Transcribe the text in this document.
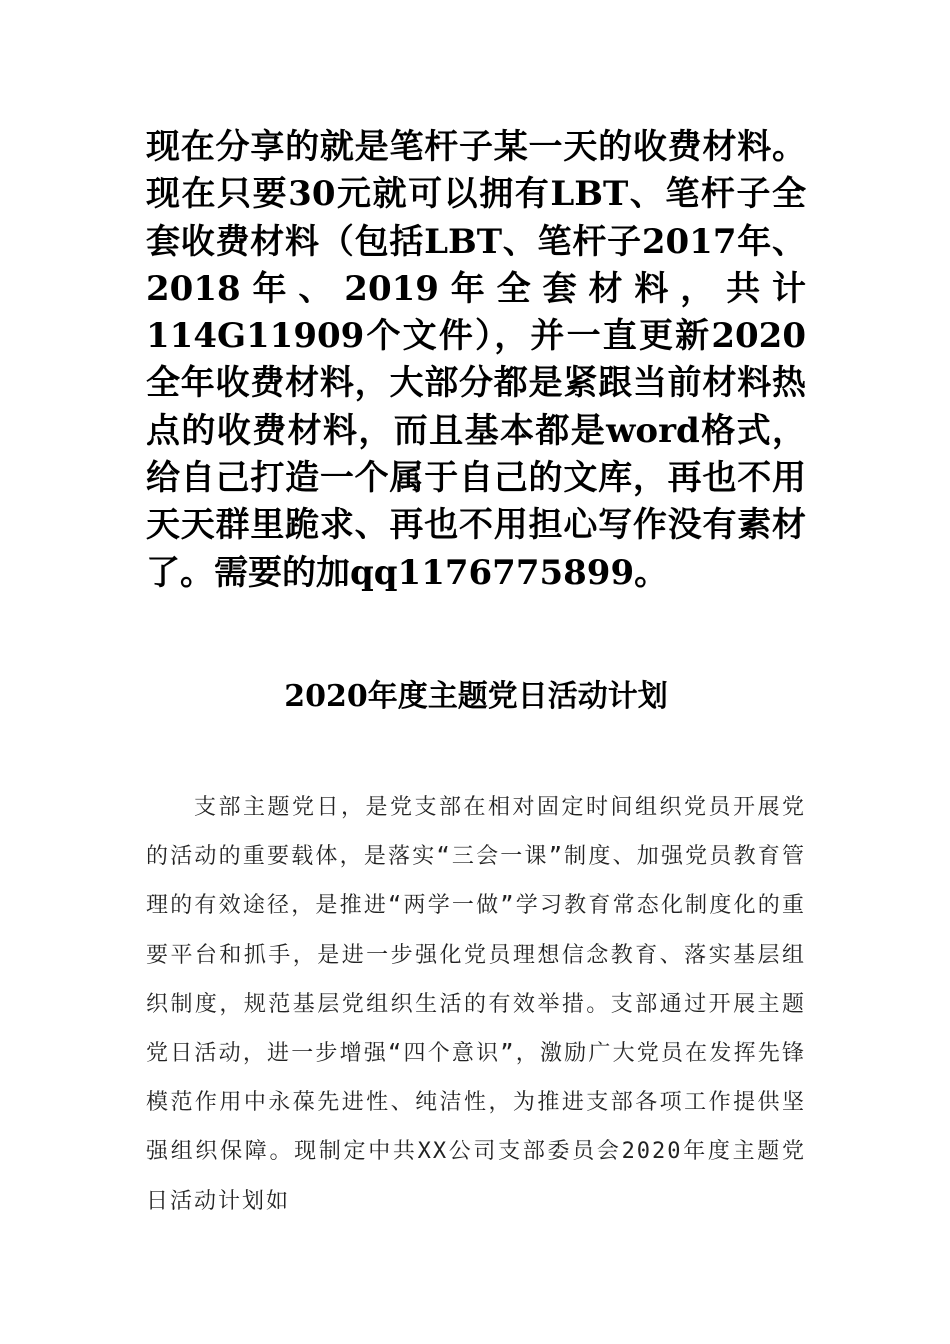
现在分享的就是笔杆子某一天的收费材料。现在只要30元就可以拥有LBT、笔杆子全套收费材料（包括LBT、笔杆子2017年、2018年、2019年全套材料，共计114G11909个文件），并一直更新2020全年收费材料，大部分都是紧跟当前材料热点的收费材料，而且基本都是word格式，给自己打造一个属于自己的文库，再也不用天天群里跪求、再也不用担心写作没有素材了。需要的加qq1176775899。

2020年度主题党日活动计划

支部主题党日，是党支部在相对固定时间组织党员开展党的活动的重要载体，是落实“三会一课”制度、加强党员教育管理的有效途径，是推进“两学一做”学习教育常态化制度化的重要平台和抓手，是进一步强化党员理想信念教育、落实基层组织制度，规范基层党组织生活的有效举措。支部通过开展主题党日活动，进一步增强“四个意识”，激励广大党员在发挥先锋模范作用中永葆先进性、纯洁性，为推进支部各项工作提供坚强组织保障。现制定中共XX公司支部委员会2020年度主题党日活动计划如
